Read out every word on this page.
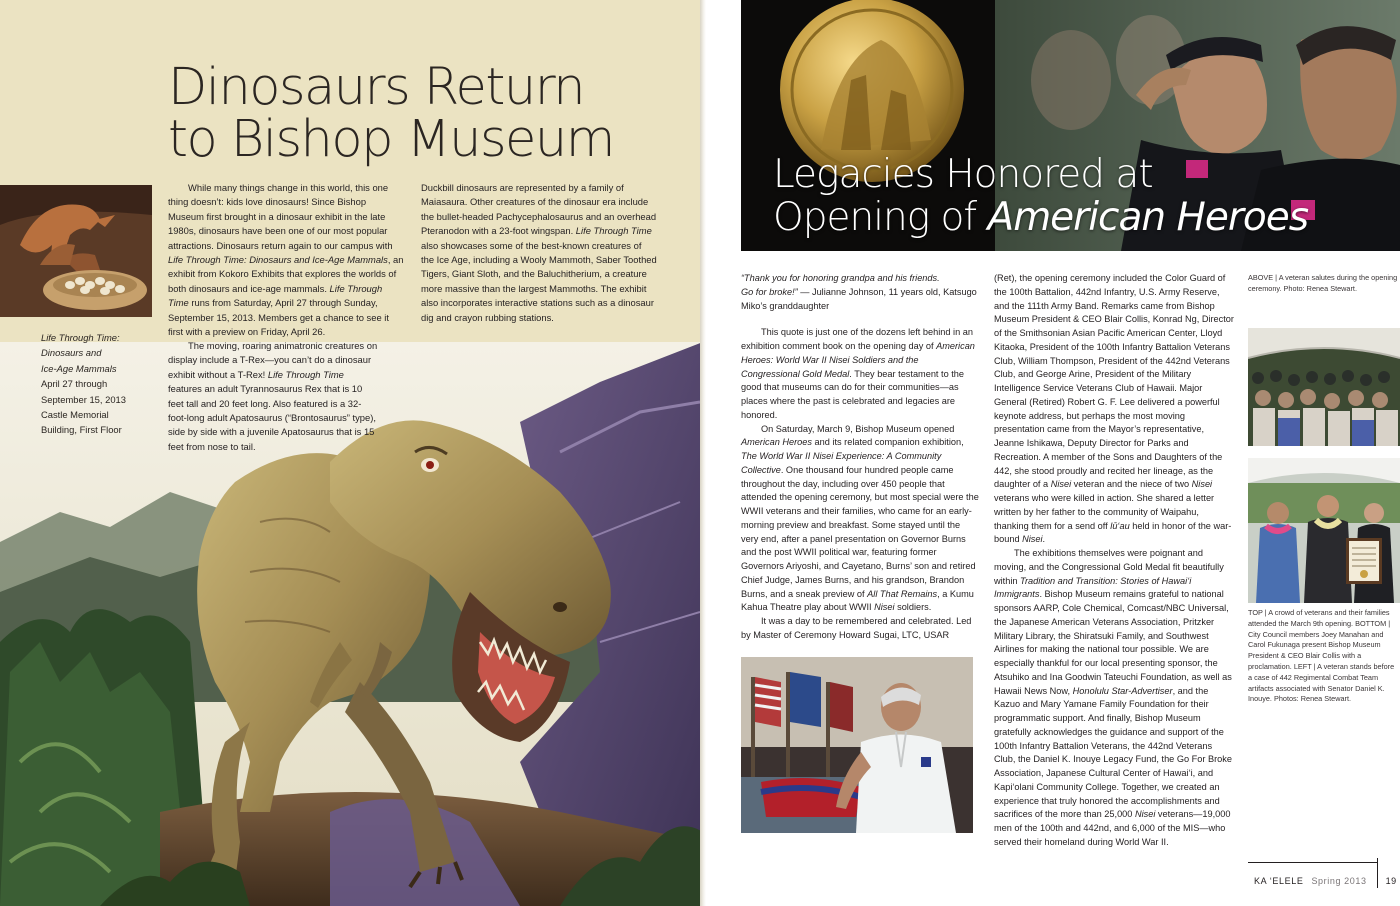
Dinosaurs Return
to Bishop Museum
Life Through Time:
Dinosaurs and
Ice-Age Mammals
April 27 through
September 15, 2013
Castle Memorial
Building, First Floor

While many things change in this world, this one thing doesn’t: kids love dinosaurs! Since Bishop Museum first brought in a dinosaur exhibit in the late 1980s, dinosaurs have been one of our most popular attractions. Dinosaurs return again to our campus with Life Through Time: Dinosaurs and Ice-Age Mammals, an exhibit from Kokoro Exhibits that explores the worlds of both dinosaurs and ice-age mammals. Life Through Time runs from Saturday, April 27 through Sunday, September 15, 2013. Members get a chance to see it first with a preview on Friday, April 26.

The moving, roaring animatronic creatures on display include a T-Rex—you can’t do a dinosaur exhibit without a T-Rex! Life Through Time features an adult Tyrannosaurus Rex that is 10 feet tall and 20 feet long. Also featured is a 32-foot-long adult Apatosaurus (“Brontosaurus” type), side by side with a juvenile Apatosaurus that is 15 feet from nose to tail.

Duckbill dinosaurs are represented by a family of Maiasaura. Other creatures of the dinosaur era include the bullet-headed Pachycephalosaurus and an overhead Pteranodon with a 23-foot wingspan. Life Through Time also showcases some of the best-known creatures of the Ice Age, including a Wooly Mammoth, Saber Toothed Tigers, Giant Sloth, and the Baluchitherium, a creature more massive than the largest Mammoths. The exhibit also incorporates interactive stations such as a dinosaur dig and crayon rubbing stations.

Legacies Honored at
Opening of American Heroes

“Thank you for honoring grandpa and his friends.
Go for broke!” — Julianne Johnson, 11 years old, Katsugo Miko’s granddaughter

This quote is just one of the dozens left behind in an exhibition comment book on the opening day of American Heroes: World War II Nisei Soldiers and the Congressional Gold Medal. They bear testament to the good that museums can do for their communities—as places where the past is celebrated and legacies are honored.

On Saturday, March 9, Bishop Museum opened American Heroes and its related companion exhibition, The World War II Nisei Experience: A Community Collective. One thousand four hundred people came throughout the day, including over 450 people that attended the opening ceremony, but most special were the WWII veterans and their families, who came for an early-morning preview and breakfast. Some stayed until the very end, after a panel presentation on Governor Burns and the post WWII political war, featuring former Governors Ariyoshi, and Cayetano, Burns’ son and retired Chief Judge, James Burns, and his grandson, Brandon Burns, and a sneak preview of All That Remains, a Kumu Kahua Theatre play about WWII Nisei soldiers.

It was a day to be remembered and celebrated. Led by Master of Ceremony Howard Sugai, LTC, USAR

(Ret), the opening ceremony included the Color Guard of the 100th Battalion, 442nd Infantry, U.S. Army Reserve, and the 111th Army Band. Remarks came from Bishop Museum President & CEO Blair Collis, Konrad Ng, Director of the Smithsonian Asian Pacific American Center, Lloyd Kitaoka, President of the 100th Infantry Battalion Veterans Club, William Thompson, President of the 442nd Veterans Club, and George Arine, President of the Military Intelligence Service Veterans Club of Hawaii. Major General (Retired) Robert G. F. Lee delivered a powerful keynote address, but perhaps the most moving presentation came from the Mayor’s representative, Jeanne Ishikawa, Deputy Director for Parks and Recreation. A member of the Sons and Daughters of the 442, she stood proudly and recited her lineage, as the daughter of a Nisei veteran and the niece of two Nisei veterans who were killed in action. She shared a letter written by her father to the community of Waipahu, thanking them for a send off lū‘au held in honor of the war-bound Nisei.

The exhibitions themselves were poignant and moving, and the Congressional Gold Medal fit beautifully within Tradition and Transition: Stories of Hawai‘i Immigrants. Bishop Museum remains grateful to national sponsors AARP, Cole Chemical, Comcast/NBC Universal, the Japanese American Veterans Association, Pritzker Military Library, the Shiratsuki Family, and Southwest Airlines for making the national tour possible. We are especially thankful for our local presenting sponsor, the Atsuhiko and Ina Goodwin Tateuchi Foundation, as well as Hawaii News Now, Honolulu Star-Advertiser, and the Kazuo and Mary Yamane Family Foundation for their programmatic support. And finally, Bishop Museum gratefully acknowledges the guidance and support of the 100th Infantry Battalion Veterans, the 442nd Veterans Club, the Daniel K. Inouye Legacy Fund, the Go For Broke Association, Japanese Cultural Center of Hawai‘i, and Kapi‘olani Community College. Together, we created an experience that truly honored the accomplishments and sacrifices of the more than 25,000 Nisei veterans—19,000 men of the 100th and 442nd, and 6,000 of the MIS—who served their homeland during World War II.

ABOVE | A veteran salutes during the opening ceremony. Photo: Renea Stewart.
TOP | A crowd of veterans and their families attended the March 9th opening. BOTTOM | City Council members Joey Manahan and Carol Fukunaga present Bishop Museum President & CEO Blair Collis with a proclamation. LEFT | A veteran stands before a case of 442 Regimental Combat Team artifacts associated with Senator Daniel K. Inouye. Photos: Renea Stewart.
KA ‘ELELE Spring 2013 19
